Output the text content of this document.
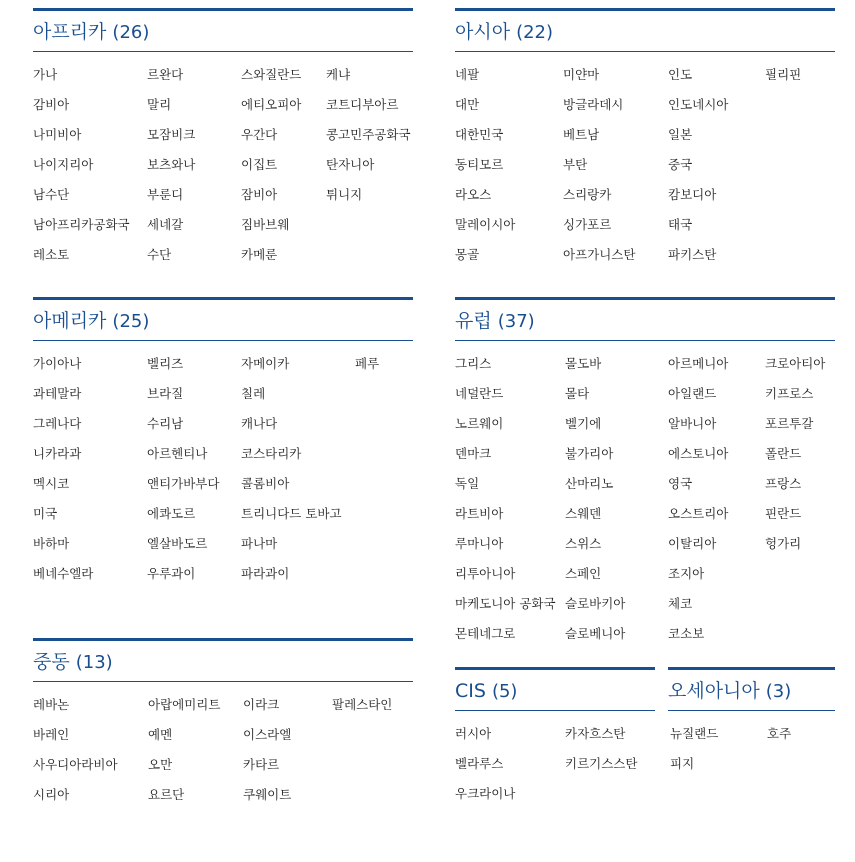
아프리카 (26)
가나
감비아
나미비아
나이지리아
남수단
남아프리카공화국
레소토
르완다
말리
모잠비크
보츠와나
부룬디
세네갈
수단
스와질란드
에티오피아
우간다
이집트
잠비아
짐바브웨
카메룬
케냐
코트디부아르
콩고민주공화국
탄자니아
튀니지
아시아 (22)
네팔
대만
대한민국
동티모르
라오스
말레이시아
몽골
미얀마
방글라데시
베트남
부탄
스리랑카
싱가포르
아프가니스탄
인도
인도네시아
일본
중국
캄보디아
태국
파키스탄
필리핀
아메리카 (25)
가이아나
과테말라
그레나다
니카라과
멕시코
미국
바하마
베네수엘라
벨리즈
브라질
수리남
아르헨티나
앤티가바부다
에콰도르
엘살바도르
우루과이
자메이카
칠레
캐나다
코스타리카
콜롬비아
트리니다드 토바고
파나마
파라과이
페루
유럽 (37)
그리스
네덜란드
노르웨이
덴마크
독일
라트비아
루마니아
리투아니아
마케도니아 공화국
몬테네그로
몰도바
몰타
벨기에
불가리아
산마리노
스웨덴
스위스
스페인
슬로바키아
슬로베니아
아르메니아
아일랜드
알바니아
에스토니아
영국
오스트리아
이탈리아
조지아
체코
코소보
크로아티아
키프로스
포르투갈
폴란드
프랑스
핀란드
헝가리
중동 (13)
레바논
바레인
사우디아라비아
시리아
아랍에미리트
예멘
오만
요르단
이라크
이스라엘
카타르
쿠웨이트
팔레스타인
CIS (5)
러시아
벨라루스
우크라이나
카자흐스탄
키르기스스탄
오세아니아 (3)
뉴질랜드
피지
호주
